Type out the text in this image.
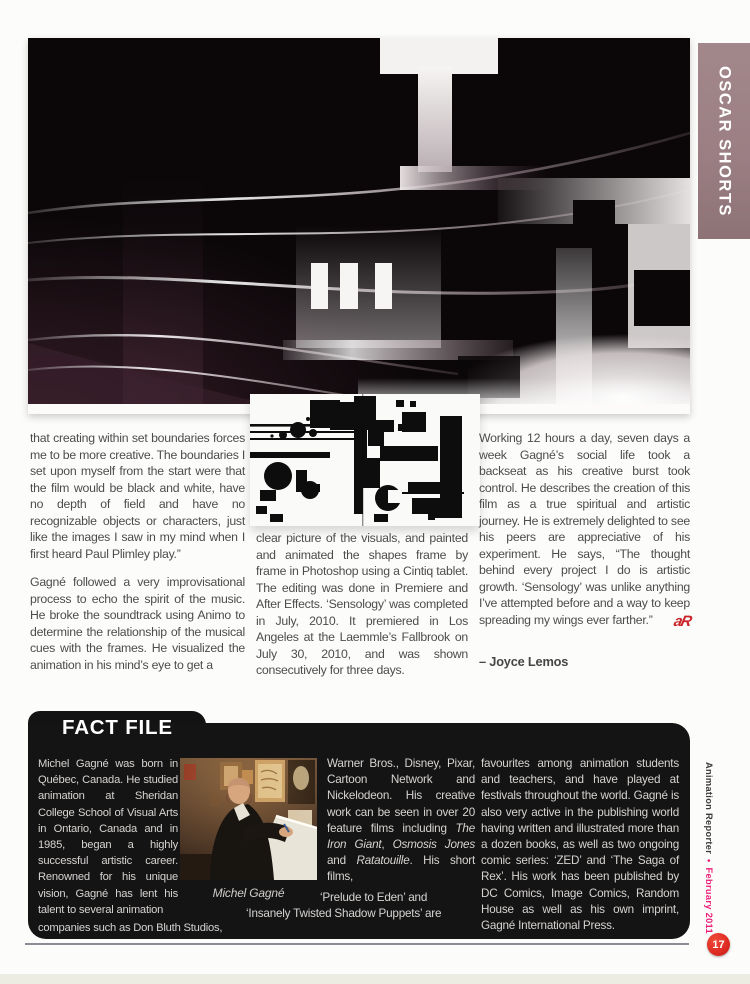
OSCAR SHORTS

that creating within set boundaries forces me to be more creative. The boundaries I set upon myself from the start were that the film would be black and white, have no depth of field and have no recognizable objects or characters, just like the images I saw in my mind when I first heard Paul Plimley play.”

Gagné followed a very improvisational process to echo the spirit of the music. He broke the soundtrack using Animo to determine the relationship of the musical cues with the frames. He visualized the animation in his mind’s eye to get a

clear picture of the visuals, and painted and animated the shapes frame by frame in Photoshop using a Cintiq tablet. The editing was done in Premiere and After Effects. ‘Sensology’ was completed in July, 2010. It premiered in Los Angeles at the Laemmle’s Fallbrook on July 30, 2010, and was shown consecutively for three days.

Working 12 hours a day, seven days a week Gagné’s social life took a backseat as his creative burst took control. He describes the creation of this film as a true spiritual and artistic journey. He is extremely delighted to see his peers are appreciative of his experiment. He says, “The thought behind every project I do is artistic growth. ‘Sensology’ was unlike anything I’ve attempted before and a way to keep spreading my wings ever farther.”	aR
– Joyce Lemos
FACT FILE
Michel Gagné was born in Québec, Canada. He studied animation at Sheridan College School of Visual Arts in Ontario, Canada and in 1985, began a highly successful artistic career. Renowned for his unique vision, Gagné has lent his talent to several animation
companies such as Don Bluth Studios,
Michel Gagné
Warner Bros., Disney, Pixar, Cartoon Network and Nickelodeon. His creative work can be seen in over 20 feature films including The Iron Giant, Osmosis Jones and Ratatouille. His short films,
‘Prelude to Eden’ and
‘Insanely Twisted Shadow Puppets’ are
favourites among animation students and teachers, and have played at festivals throughout the world. Gagné is also very active in the publishing world having written and illustrated more than a dozen books, as well as two ongoing comic series: ‘ZED’ and ‘The Saga of Rex’. His work has been published by DC Comics, Image Comics, Random House as well as his own imprint, Gagné International Press.
Animation Reporter • February 2011
17
